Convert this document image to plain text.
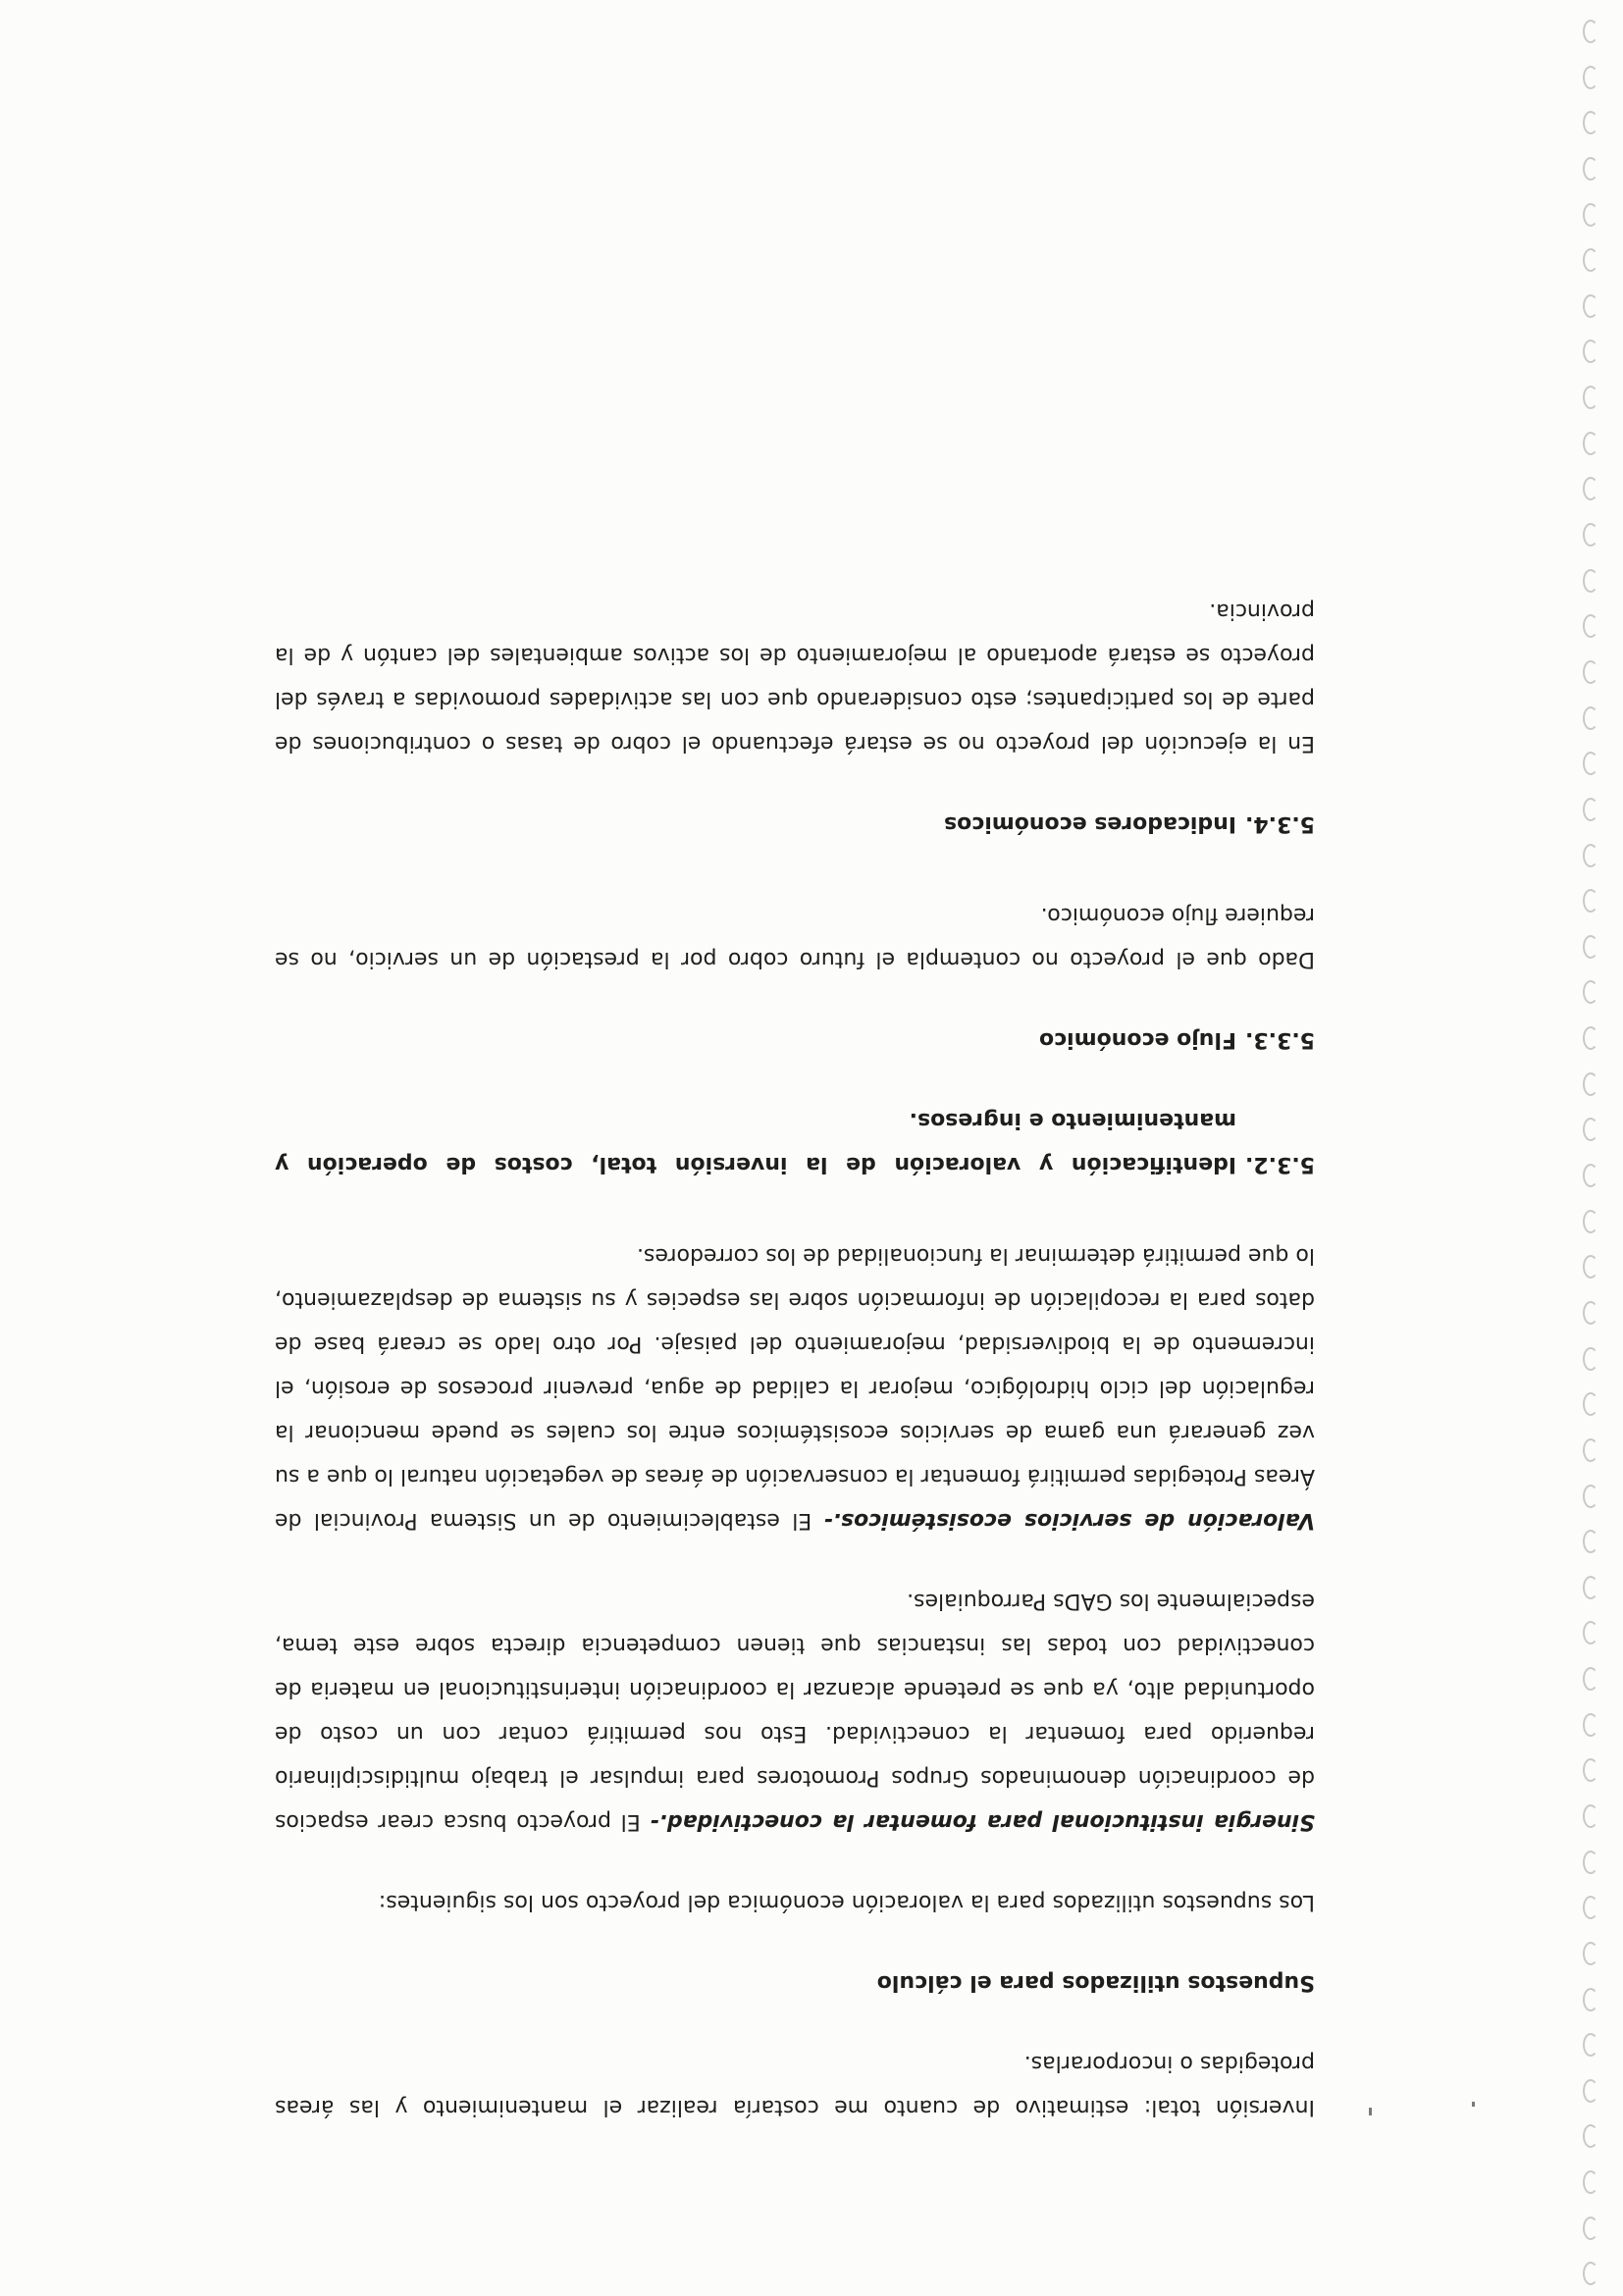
Inversión total: estimativo de cuanto me costaría realizar el mantenimiento y las áreas protegidas o incorporarlas.

Supuestos utilizados para el cálculo

Los supuestos utilizados para la valoración económica del proyecto son los siguientes:

Sinergia institucional para fomentar la conectividad.- El proyecto busca crear espacios de coordinación denominados Grupos Promotores para impulsar el trabajo multidisciplinario requerido para fomentar la conectividad. Esto nos permitirá contar con un costo de oportunidad alto, ya que se pretende alcanzar la coordinación interinstitucional en materia de conectividad con todas las instancias que tienen competencia directa sobre este tema, especialmente los GADs Parroquiales.

Valoración de servicios ecosistémicos.- El establecimiento de un Sistema Provincial de Áreas Protegidas permitirá fomentar la conservación de áreas de vegetación natural lo que a su vez generará una gama de servicios ecosistémicos entre los cuales se puede mencionar la regulación del ciclo hidrológico, mejorar la calidad de agua, prevenir procesos de erosión, el incremento de la biodiversidad, mejoramiento del paisaje. Por otro lado se creará base de datos para la recopilación de información sobre las especies y su sistema de desplazamiento, lo que permitirá determinar la funcionalidad de los corredores.

5.3.2.
Identificación y valoración de la inversión total, costos de operación y mantenimiento e ingresos.
5.3.3.
Flujo económico

Dado que el proyecto no contempla el futuro cobro por la prestación de un servicio, no se requiere flujo económico.

5.3.4.
Indicadores económicos

En la ejecución del proyecto no se estará efectuando el cobro de tasas o contribuciones de parte de los participantes; esto considerando que con las actividades promovidas a través del proyecto se estará aportando al mejoramiento de los activos ambientales del cantón y de la provincia.
